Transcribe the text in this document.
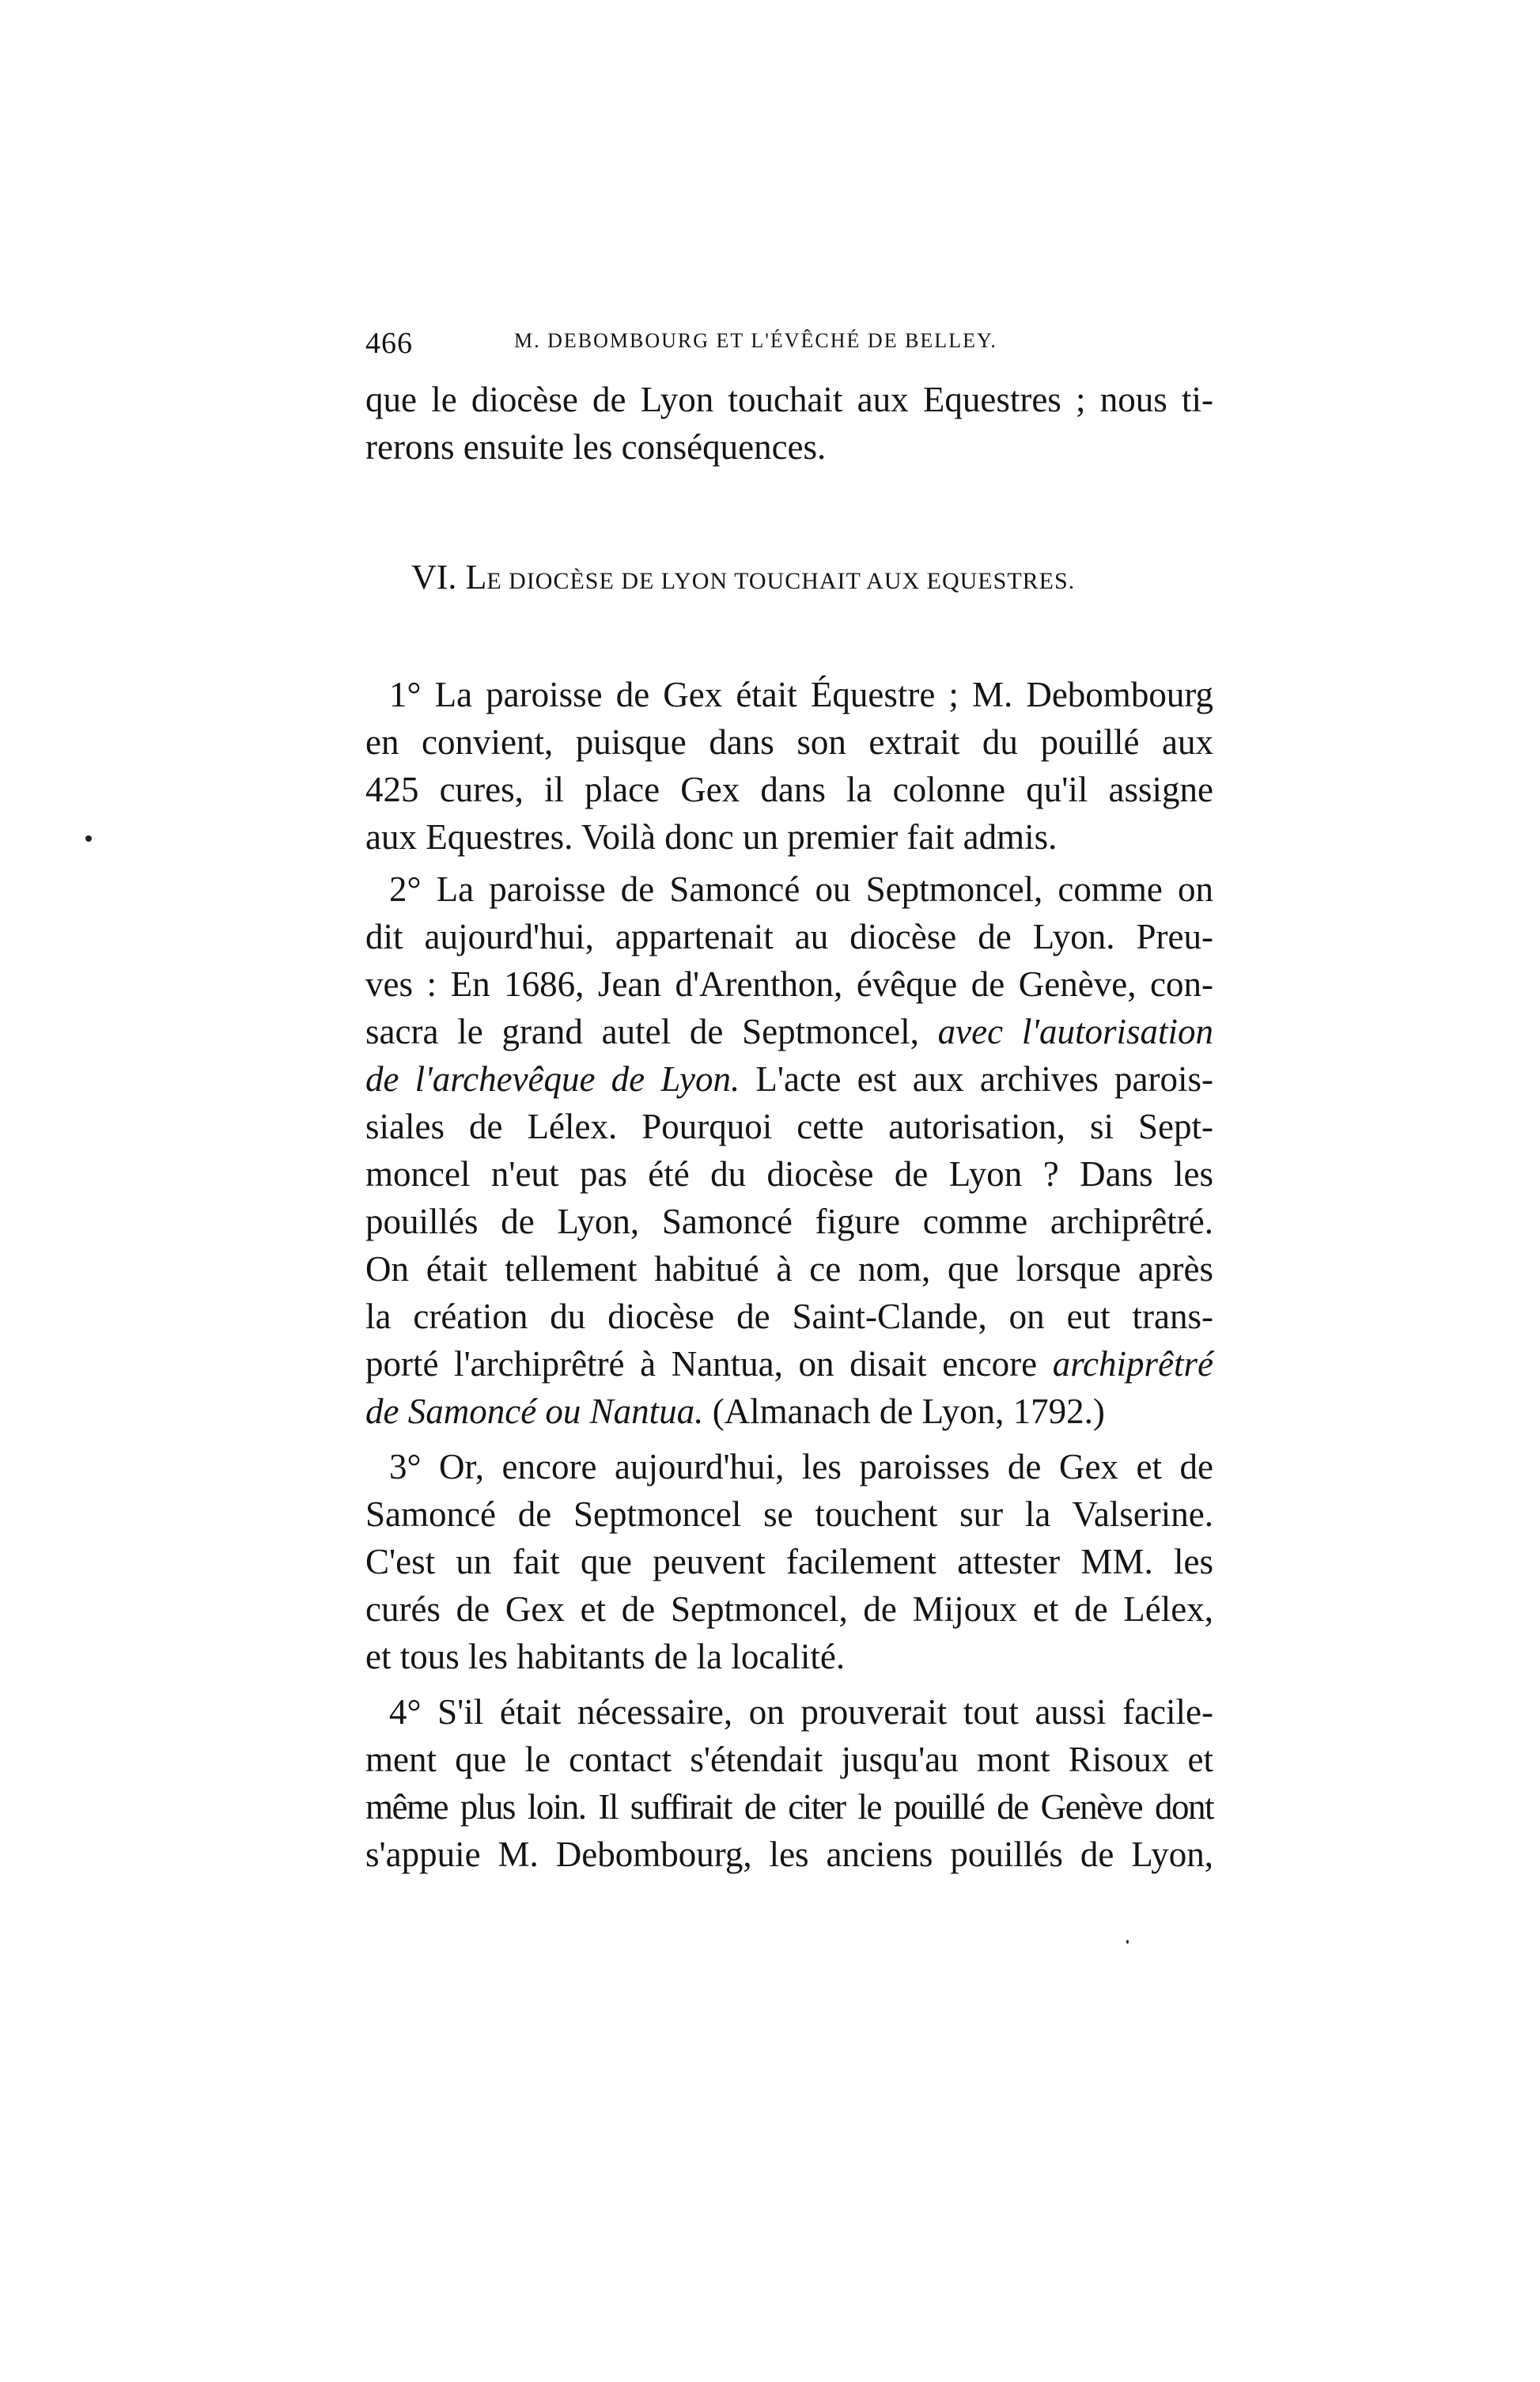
466	M. DEBOMBOURG ET L'ÉVÊCHÉ DE BELLEY.
que le diocèse de Lyon touchait aux Equestres ; nous ti-
rerons ensuite les conséquences.
VI. LE DIOCÈSE DE LYON TOUCHAIT AUX EQUESTRES.
1° La paroisse de Gex était Équestre ; M. Debombourg
en convient, puisque dans son extrait du pouillé aux
425 cures, il place Gex dans la colonne qu'il assigne
aux Equestres. Voilà donc un premier fait admis.
2° La paroisse de Samoncé ou Septmoncel, comme on
dit aujourd'hui, appartenait au diocèse de Lyon. Preu-
ves : En 1686, Jean d'Arenthon, évêque de Genève, con-
sacra le grand autel de Septmoncel, avec l'autorisation
de l'archevêque de Lyon. L'acte est aux archives parois-
siales de Lélex. Pourquoi cette autorisation, si Sept-
moncel n'eut pas été du diocèse de Lyon ? Dans les
pouillés de Lyon, Samoncé figure comme archiprêtré.
On était tellement habitué à ce nom, que lorsque après
la création du diocèse de Saint-Clande, on eut trans-
porté l'archiprêtré à Nantua, on disait encore archiprêtré
de Samoncé ou Nantua. (Almanach de Lyon, 1792.)
3° Or, encore aujourd'hui, les paroisses de Gex et de
Samoncé de Septmoncel se touchent sur la Valserine.
C'est un fait que peuvent facilement attester MM. les
curés de Gex et de Septmoncel, de Mijoux et de Lélex,
et tous les habitants de la localité.
4° S'il était nécessaire, on prouverait tout aussi facile-
ment que le contact s'étendait jusqu'au mont Risoux et
même plus loin. Il suffirait de citer le pouillé de Genève dont
s'appuie M. Debombourg, les anciens pouillés de Lyon,
